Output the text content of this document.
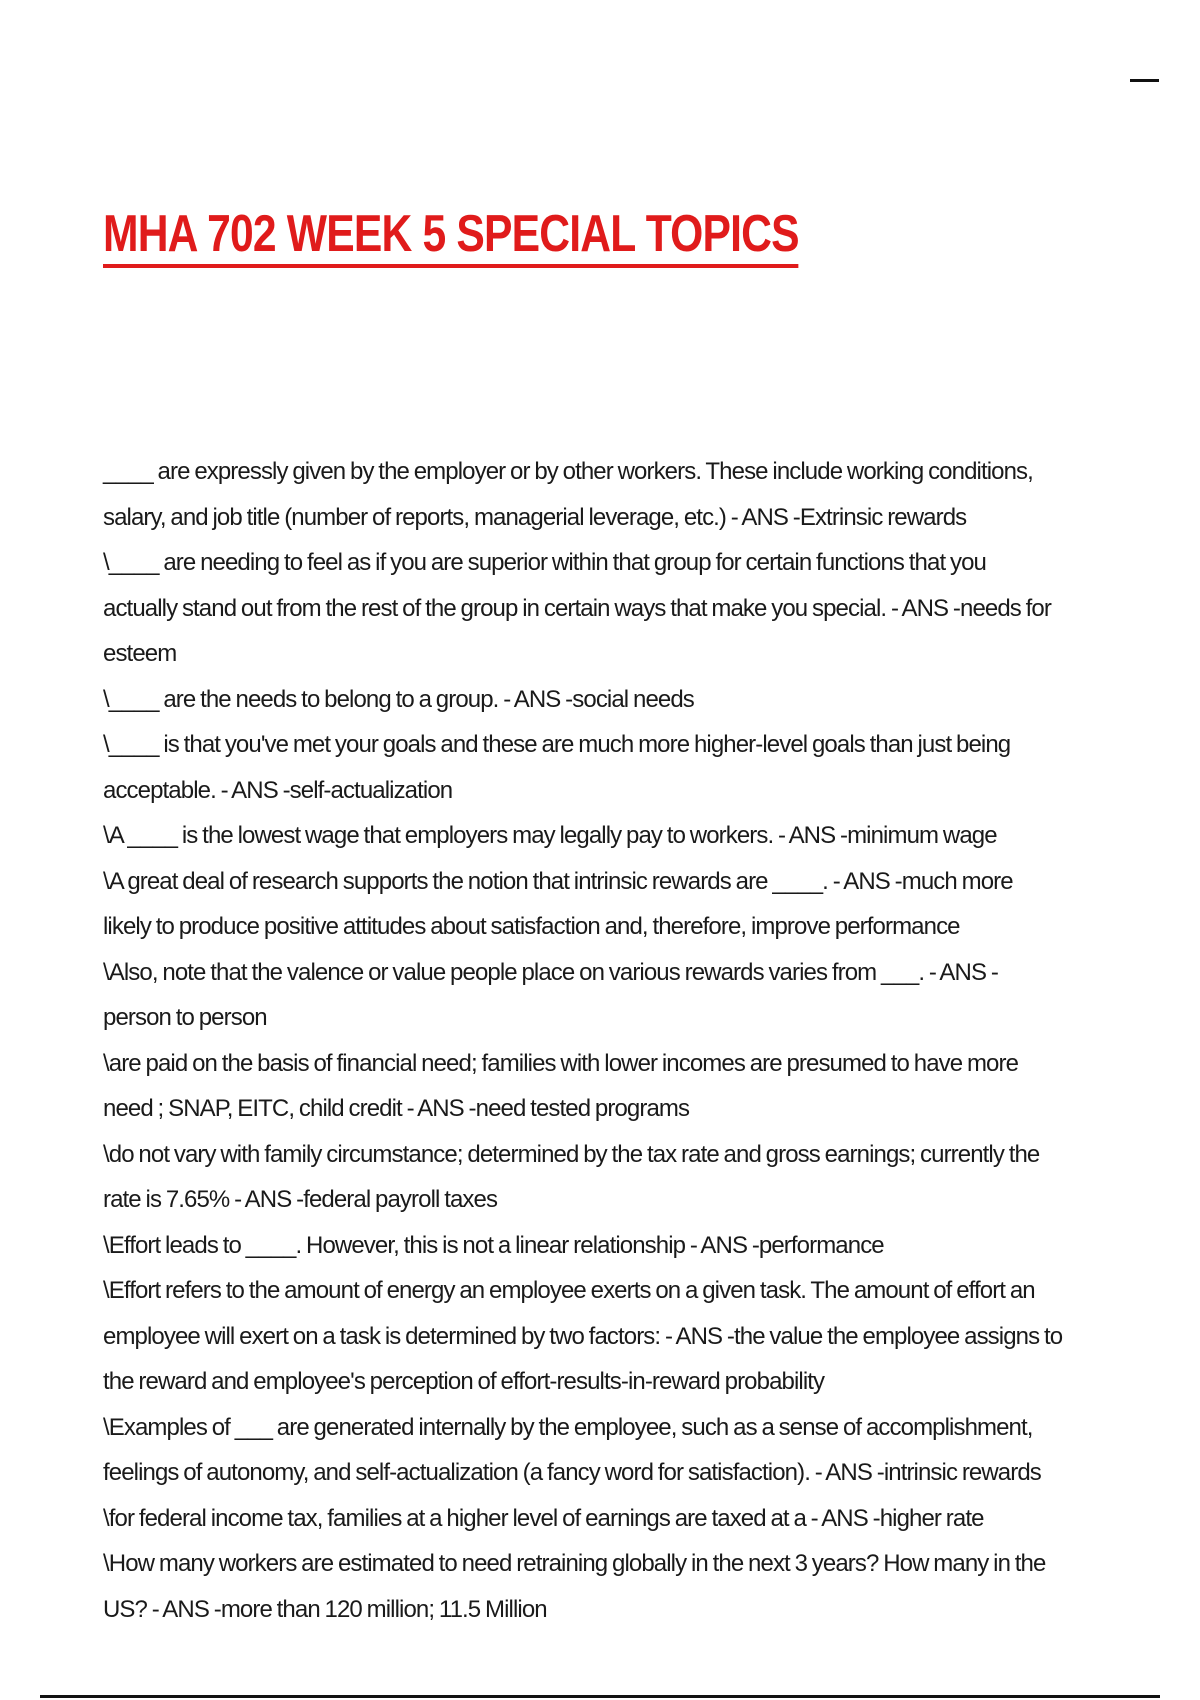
MHA 702 WEEK 5 SPECIAL TOPICS

____ are expressly given by the employer or by other workers. These include working conditions, salary, and job title (number of reports, managerial leverage, etc.) - ANS -Extrinsic rewards

\____ are needing to feel as if you are superior within that group for certain functions that you actually stand out from the rest of the group in certain ways that make you special. - ANS -needs for esteem

\____ are the needs to belong to a group. - ANS -social needs

\____ is that you've met your goals and these are much more higher-level goals than just being acceptable. - ANS -self-actualization

\A ____ is the lowest wage that employers may legally pay to workers. - ANS -minimum wage

\A great deal of research supports the notion that intrinsic rewards are ____. - ANS -much more likely to produce positive attitudes about satisfaction and, therefore, improve performance

\Also, note that the valence or value people place on various rewards varies from ___. - ANS -person to person

\are paid on the basis of financial need; families with lower incomes are presumed to have more need ; SNAP, EITC, child credit - ANS -need tested programs

\do not vary with family circumstance; determined by the tax rate and gross earnings; currently the rate is 7.65% - ANS -federal payroll taxes

\Effort leads to ____. However, this is not a linear relationship - ANS -performance

\Effort refers to the amount of energy an employee exerts on a given task. The amount of effort an employee will exert on a task is determined by two factors: - ANS -the value the employee assigns to the reward and employee's perception of effort-results-in-reward probability

\Examples of ___ are generated internally by the employee, such as a sense of accomplishment, feelings of autonomy, and self-actualization (a fancy word for satisfaction). - ANS -intrinsic rewards

\for federal income tax, families at a higher level of earnings are taxed at a - ANS -higher rate

\How many workers are estimated to need retraining globally in the next 3 years? How many in the US? - ANS -more than 120 million; 11.5 Million
